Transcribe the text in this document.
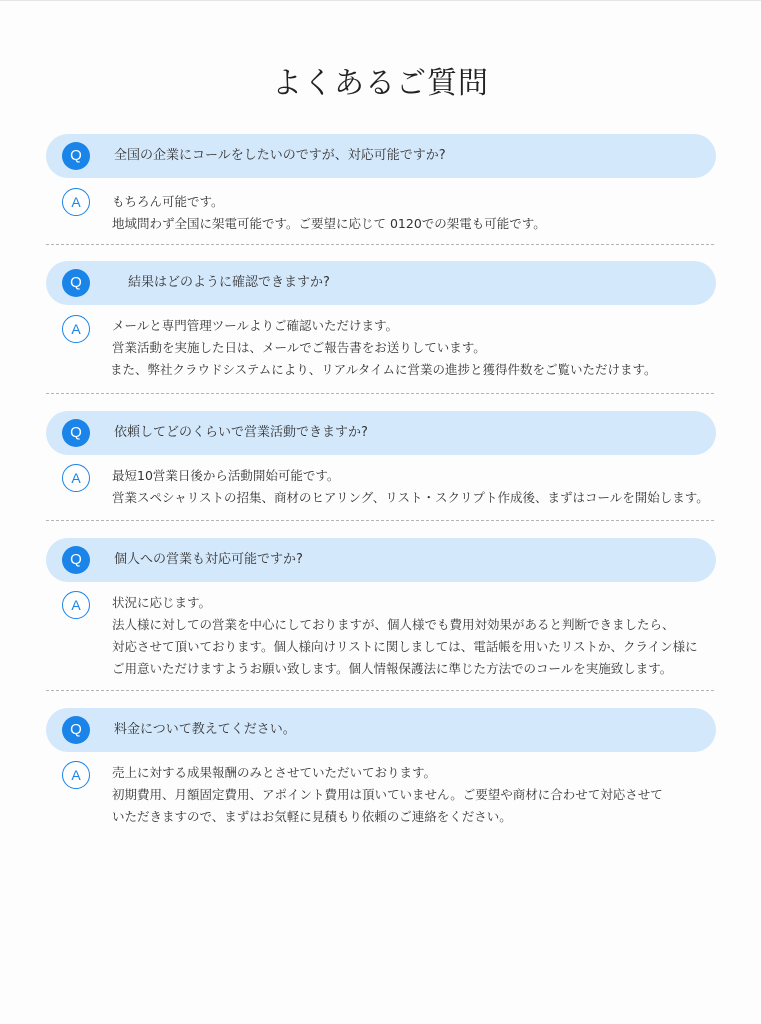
よくあるご質問
Q	全国の企業にコールをしたいのですが、対応可能ですか?
A	もちろん可能です。
地域問わず全国に架電可能です。ご要望に応じて 0120での架電も可能です。
Q	結果はどのように確認できますか?
A	メールと専門管理ツールよりご確認いただけます。
営業活動を実施した日は、メールでご報告書をお送りしています。
また、弊社クラウドシステムにより、リアルタイムに営業の進捗と獲得件数をご覧いただけます。
Q	依頼してどのくらいで営業活動できますか?
A	最短10営業日後から活動開始可能です。
営業スペシャリストの招集、商材のヒアリング、リスト・スクリプト作成後、まずはコールを開始します。
Q	個人への営業も対応可能ですか?
A	状況に応じます。
法人様に対しての営業を中心にしておりますが、個人様でも費用対効果があると判断できましたら、
対応させて頂いております。個人様向けリストに関しましては、電話帳を用いたリストか、クライン様に
ご用意いただけますようお願い致します。個人情報保護法に準じた方法でのコールを実施致します。
Q	料金について教えてください。
A	売上に対する成果報酬のみとさせていただいております。
初期費用、月額固定費用、アポイント費用は頂いていません。ご要望や商材に合わせて対応させて
いただきますので、まずはお気軽に見積もり依頼のご連絡をください。
